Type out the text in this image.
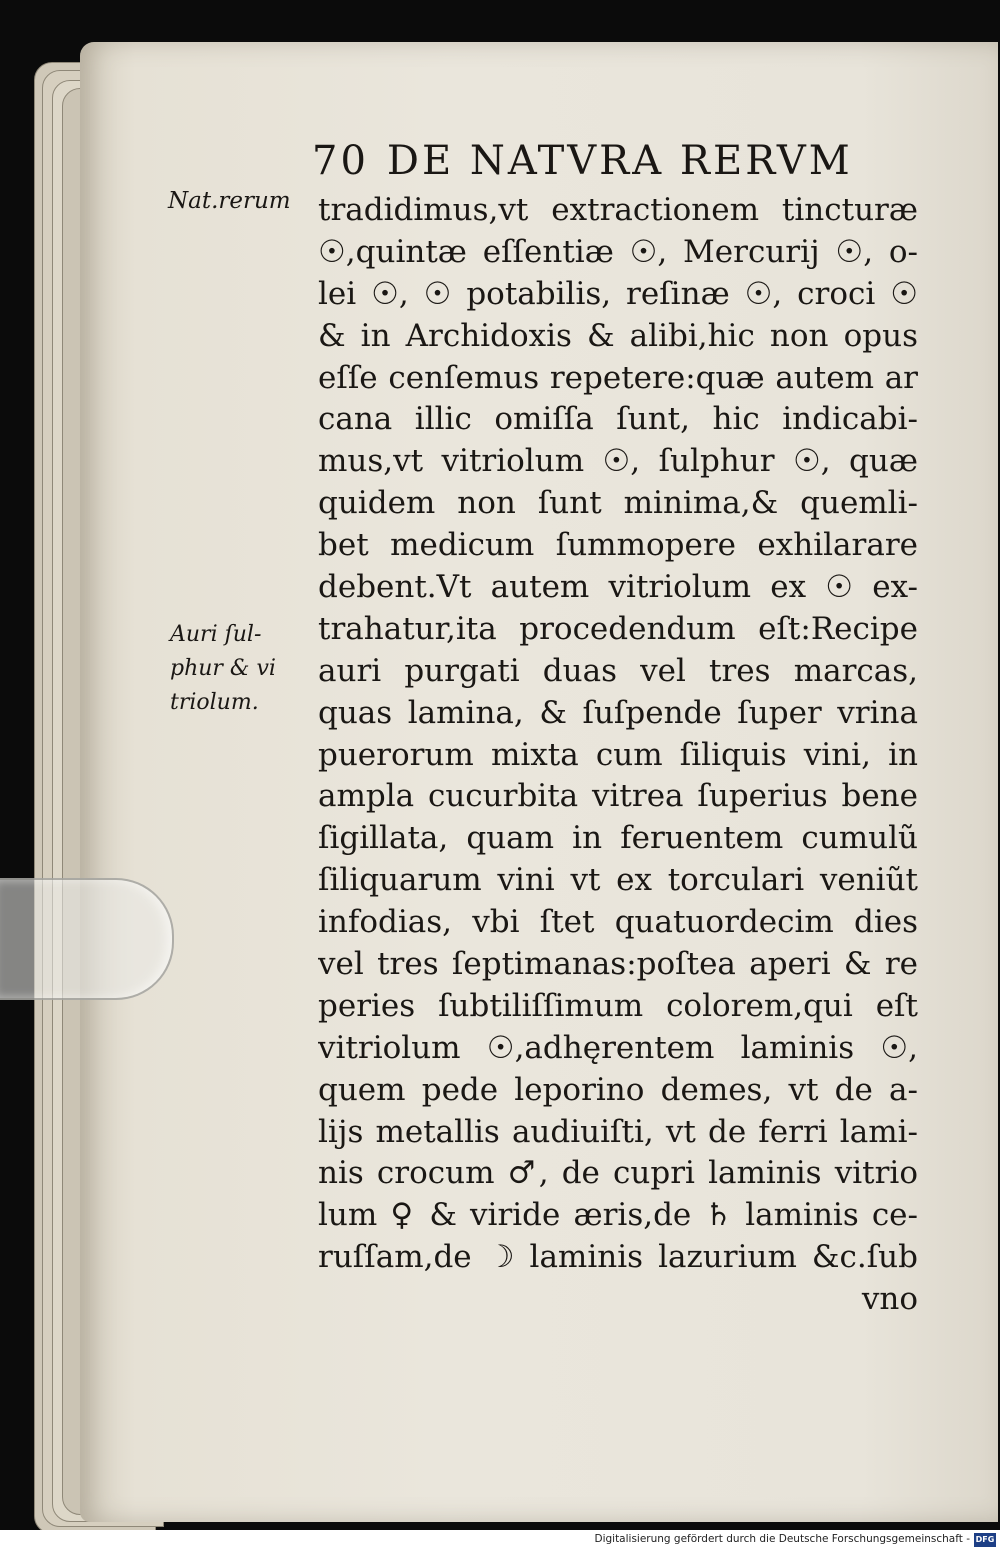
70 DE NATVRA RERVM
Nat.rerum
Auri ſul-
phur & vi
triolum.
tradidimus,vt extractionem tincturæ
☉,quintæ eſſentiæ ☉, Mercurij ☉, o-
lei ☉, ☉ potabilis, reſinæ ☉, croci ☉
& in Archidoxis & alibi,hic non opus
eſſe cenſemus repetere:quæ autem ar
cana illic omiſſa ſunt, hic indicabi-
mus,vt vitriolum ☉, ſulphur ☉, quæ
quidem non ſunt minima,& quemli-
bet medicum ſummopere exhilarare
debent.Vt autem vitriolum ex ☉ ex-
trahatur,ita procedendum eſt:Recipe
auri purgati duas vel tres marcas,
quas lamina, & ſuſpende ſuper vrina
puerorum mixta cum ſiliquis vini, in
ampla cucurbita vitrea ſuperius bene
ſigillata, quam in feruentem cumulũ
ſiliquarum vini vt ex torculari veniũt
infodias, vbi ſtet quatuordecim dies
vel tres ſeptimanas:poſtea aperi & re
peries ſubtiliſſimum colorem,qui eſt
vitriolum ☉,adhęrentem laminis ☉,
quem pede leporino demes, vt de a-
lijs metallis audiuiſti, vt de ferri lami-
nis crocum ♂, de cupri laminis vitrio
lum ♀ & viride æris,de ♄ laminis ce-
ruſſam,de ☽ laminis lazurium &c.ſub
vno
Digitalisierung gefördert durch die Deutsche Forschungsgemeinschaft - DFG
